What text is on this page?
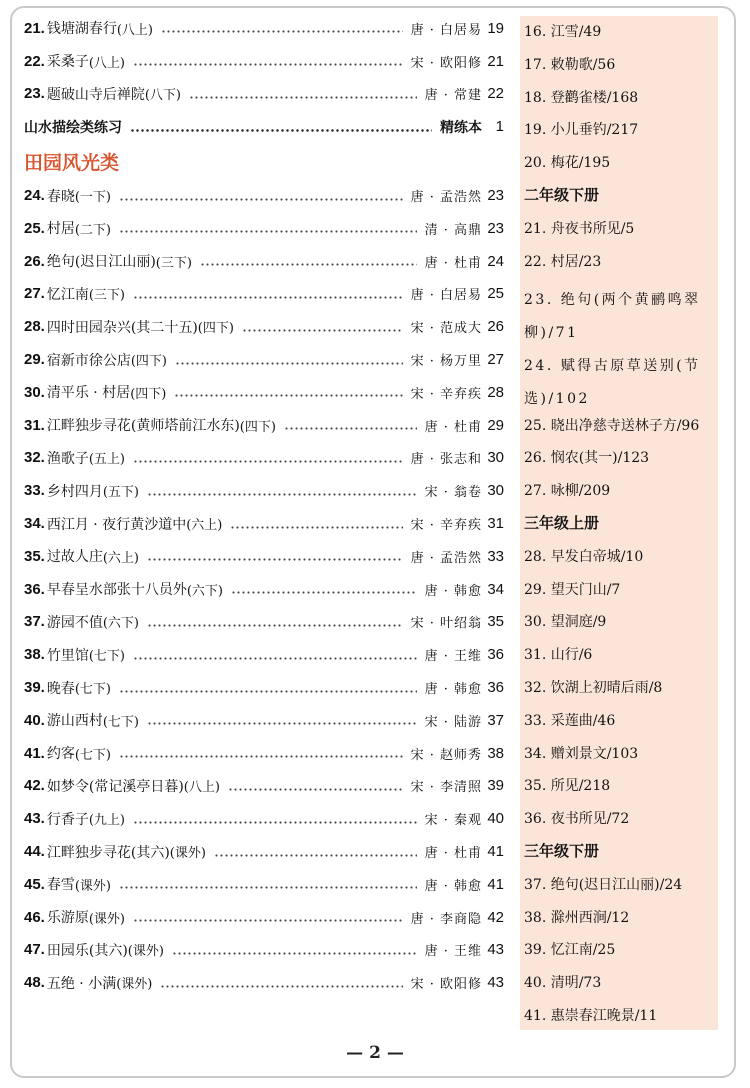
21. 钱塘湖春行 (八上)	唐 · 白居易 19
22. 采桑子 (八上)	宋 · 欧阳修 21
23. 题破山寺后禅院 (八下)	唐 · 常建 22
山水描绘类练习	精练本 1
田园风光类
24. 春晓 (一下)	唐 · 孟浩然 23
25. 村居 (二下)	清 · 高鼎 23
26. 绝句(迟日江山丽) (三下)	唐 · 杜甫 24
27. 忆江南 (三下)	唐 · 白居易 25
28. 四时田园杂兴(其二十五) (四下)	宋 · 范成大 26
29. 宿新市徐公店 (四下)	宋 · 杨万里 27
30. 清平乐 · 村居 (四下)	宋 · 辛弃疾 28
31. 江畔独步寻花(黄师塔前江水东) (四下)	唐 · 杜甫 29
32. 渔歌子 (五上)	唐 · 张志和 30
33. 乡村四月 (五下)	宋 · 翁卷 30
34. 西江月 · 夜行黄沙道中 (六上)	宋 · 辛弃疾 31
35. 过故人庄 (六上)	唐 · 孟浩然 33
36. 早春呈水部张十八员外 (六下)	唐 · 韩愈 34
37. 游园不值 (六下)	宋 · 叶绍翁 35
38. 竹里馆 (七下)	唐 · 王维 36
39. 晚春 (七下)	唐 · 韩愈 36
40. 游山西村 (七下)	宋 · 陆游 37
41. 约客 (七下)	宋 · 赵师秀 38
42. 如梦令(常记溪亭日暮) (八上)	宋 · 李清照 39
43. 行香子 (九上)	宋 · 秦观 40
44. 江畔独步寻花(其六) (课外)	唐 · 杜甫 41
45. 春雪 (课外)	唐 · 韩愈 41
46. 乐游原 (课外)	唐 · 李商隐 42
47. 田园乐(其六) (课外)	唐 · 王维 43
48. 五绝 · 小满 (课外)	宋 · 欧阳修 43
16. 江雪/49
17. 敕勒歌/56
18. 登鹳雀楼/168
19. 小儿垂钓/217
20. 梅花/195
二年级下册
21. 舟夜书所见/5
22. 村居/23
23. 绝句(两个黄鹂鸣翠柳)/71
24. 赋得古原草送别(节选)/102
25. 晓出净慈寺送林子方/96
26. 悯农(其一)/123
27. 咏柳/209
三年级上册
28. 早发白帝城/10
29. 望天门山/7
30. 望洞庭/9
31. 山行/6
32. 饮湖上初晴后雨/8
33. 采莲曲/46
34. 赠刘景文/103
35. 所见/218
36. 夜书所见/72
三年级下册
37. 绝句(迟日江山丽)/24
38. 滁州西涧/12
39. 忆江南/25
40. 清明/73
41. 惠崇春江晚景/11
— 2 —
